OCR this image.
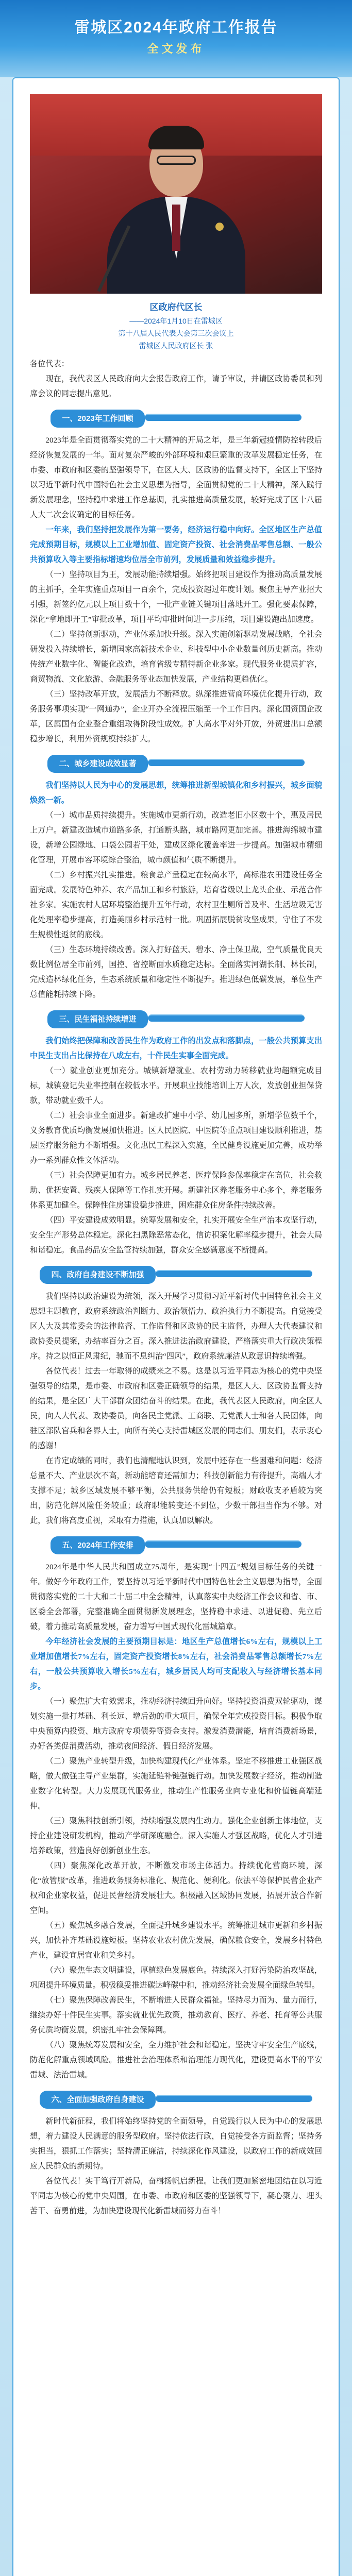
雷城区2024年政府工作报告
全文发布
区政府代区长
——2024年1月10日在雷城区
第十八届人民代表大会第三次会议上
雷城区人民政府区长 张

各位代表：

现在，我代表区人民政府向大会报告政府工作，请予审议，并请区政协委员和列席会议的同志提出意见。

一、2023年工作回顾

2023年是全面贯彻落实党的二十大精神的开局之年，是三年新冠疫情防控转段后经济恢复发展的一年。面对复杂严峻的外部环境和艰巨繁重的改革发展稳定任务，在市委、市政府和区委的坚强领导下，在区人大、区政协的监督支持下，全区上下坚持以习近平新时代中国特色社会主义思想为指导，全面贯彻党的二十大精神，深入践行新发展理念，坚持稳中求进工作总基调，扎实推进高质量发展，较好完成了区十八届人大二次会议确定的目标任务。

一年来，我们坚持把发展作为第一要务，经济运行稳中向好。全区地区生产总值完成预期目标，规模以上工业增加值、固定资产投资、社会消费品零售总额、一般公共预算收入等主要指标增速均位居全市前列，发展质量和效益稳步提升。

（一）坚持项目为王，发展动能持续增强。始终把项目建设作为推动高质量发展的主抓手，全年实施重点项目一百余个，完成投资超过年度计划。聚焦主导产业招大引强，新签约亿元以上项目数十个，一批产业链关键项目落地开工。强化要素保障，深化“拿地即开工”审批改革，项目平均审批时间进一步压缩，项目建设跑出加速度。

（二）坚持创新驱动，产业体系加快升级。深入实施创新驱动发展战略，全社会研发投入持续增长，新增国家高新技术企业、科技型中小企业数量创历史新高。推动传统产业数字化、智能化改造，培育省级专精特新企业多家。现代服务业提质扩容，商贸物流、文化旅游、金融服务等业态加快发展，产业结构更趋优化。

（三）坚持改革开放，发展活力不断释放。纵深推进营商环境优化提升行动，政务服务事项实现“一网通办”，企业开办全流程压缩至一个工作日内。深化国资国企改革，区属国有企业整合重组取得阶段性成效。扩大高水平对外开放，外贸进出口总额稳步增长，利用外资规模持续扩大。

二、城乡建设成效显著

我们坚持以人民为中心的发展思想，统筹推进新型城镇化和乡村振兴，城乡面貌焕然一新。

（一）城市品质持续提升。实施城市更新行动，改造老旧小区数十个，惠及居民上万户。新建改造城市道路多条，打通断头路，城市路网更加完善。推进海绵城市建设，新增公园绿地、口袋公园若干处，建成区绿化覆盖率进一步提高。加强城市精细化管理，开展市容环境综合整治，城市颜值和气质不断提升。

（二）乡村振兴扎实推进。粮食总产量稳定在较高水平，高标准农田建设任务全面完成。发展特色种养、农产品加工和乡村旅游，培育省级以上龙头企业、示范合作社多家。实施农村人居环境整治提升五年行动，农村卫生厕所普及率、生活垃圾无害化处理率稳步提高，打造美丽乡村示范村一批。巩固拓展脱贫攻坚成果，守住了不发生规模性返贫的底线。

（三）生态环境持续改善。深入打好蓝天、碧水、净土保卫战，空气质量优良天数比例位居全市前列，国控、省控断面水质稳定达标。全面落实河湖长制、林长制，完成造林绿化任务，生态系统质量和稳定性不断提升。推进绿色低碳发展，单位生产总值能耗持续下降。

三、民生福祉持续增进

我们始终把保障和改善民生作为政府工作的出发点和落脚点，一般公共预算支出中民生支出占比保持在八成左右，十件民生实事全面完成。

（一）就业创业更加充分。城镇新增就业、农村劳动力转移就业均超额完成目标，城镇登记失业率控制在较低水平。开展职业技能培训上万人次，发放创业担保贷款，带动就业数千人。

（二）社会事业全面进步。新建改扩建中小学、幼儿园多所，新增学位数千个，义务教育优质均衡发展加快推进。区人民医院、中医院等重点项目建设顺利推进，基层医疗服务能力不断增强。文化惠民工程深入实施，全民健身设施更加完善，成功举办一系列群众性文体活动。

（三）社会保障更加有力。城乡居民养老、医疗保险参保率稳定在高位，社会救助、优抚安置、残疾人保障等工作扎实开展。新建社区养老服务中心多个，养老服务体系更加健全。保障性住房建设稳步推进，困难群众住房条件持续改善。

（四）平安建设成效明显。统筹发展和安全，扎实开展安全生产治本攻坚行动，安全生产形势总体稳定。深化扫黑除恶常态化，信访积案化解率稳步提升，社会大局和谐稳定。食品药品安全监管持续加强，群众安全感满意度不断提高。

四、政府自身建设不断加强

我们坚持以政治建设为统领，深入开展学习贯彻习近平新时代中国特色社会主义思想主题教育，政府系统政治判断力、政治领悟力、政治执行力不断提高。自觉接受区人大及其常委会的法律监督、工作监督和区政协的民主监督，办理人大代表建议和政协委员提案，办结率百分之百。深入推进法治政府建设，严格落实重大行政决策程序。持之以恒正风肃纪，驰而不息纠治“四风”，政府系统廉洁从政意识持续增强。

各位代表！过去一年取得的成绩来之不易。这是以习近平同志为核心的党中央坚强领导的结果，是市委、市政府和区委正确领导的结果，是区人大、区政协监督支持的结果，是全区广大干部群众团结奋斗的结果。在此，我代表区人民政府，向全区人民，向人大代表、政协委员，向各民主党派、工商联、无党派人士和各人民团体，向驻区部队官兵和各界人士，向所有关心支持雷城区发展的同志们、朋友们，表示衷心的感谢！

在肯定成绩的同时，我们也清醒地认识到，发展中还存在一些困难和问题：经济总量不大、产业层次不高，新动能培育还需加力；科技创新能力有待提升，高端人才支撑不足；城乡区域发展不够平衡，公共服务供给仍有短板；财政收支矛盾较为突出，防范化解风险任务较重；政府职能转变还不到位，少数干部担当作为不够。对此，我们将高度重视，采取有力措施，认真加以解决。

五、2024年工作安排

2024年是中华人民共和国成立75周年，是实现“十四五”规划目标任务的关键一年。做好今年政府工作，要坚持以习近平新时代中国特色社会主义思想为指导，全面贯彻落实党的二十大和二十届二中全会精神，认真落实中央经济工作会议和省、市、区委全会部署，完整准确全面贯彻新发展理念，坚持稳中求进、以进促稳、先立后破，着力推动高质量发展，奋力谱写中国式现代化雷城篇章。

今年经济社会发展的主要预期目标是：地区生产总值增长6%左右，规模以上工业增加值增长7%左右，固定资产投资增长8%左右，社会消费品零售总额增长7%左右，一般公共预算收入增长5%左右，城乡居民人均可支配收入与经济增长基本同步。

（一）聚焦扩大有效需求，推动经济持续回升向好。坚持投资消费双轮驱动，谋划实施一批打基础、利长远、增后劲的重大项目，确保全年完成投资目标。积极争取中央预算内投资、地方政府专项债券等资金支持。激发消费潜能，培育消费新场景，办好各类促消费活动，推动夜间经济、假日经济发展。

（二）聚焦产业转型升级，加快构建现代化产业体系。坚定不移推进工业强区战略，做大做强主导产业集群，实施延链补链强链行动。加快发展数字经济，推动制造业数字化转型。大力发展现代服务业，推动生产性服务业向专业化和价值链高端延伸。

（三）聚焦科技创新引领，持续增强发展内生动力。强化企业创新主体地位，支持企业建设研发机构，推动产学研深度融合。深入实施人才强区战略，优化人才引进培养政策，营造良好创新创业生态。

（四）聚焦深化改革开放，不断激发市场主体活力。持续优化营商环境，深化“放管服”改革，推进政务服务标准化、规范化、便利化。依法平等保护民营企业产权和企业家权益，促进民营经济发展壮大。积极融入区域协同发展，拓展开放合作新空间。

（五）聚焦城乡融合发展，全面提升城乡建设水平。统筹推进城市更新和乡村振兴，加快补齐基础设施短板。坚持农业农村优先发展，确保粮食安全，发展乡村特色产业，建设宜居宜业和美乡村。

（六）聚焦生态文明建设，厚植绿色发展底色。持续深入打好污染防治攻坚战，巩固提升环境质量。积极稳妥推进碳达峰碳中和，推动经济社会发展全面绿色转型。

（七）聚焦保障改善民生，不断增进人民群众福祉。坚持尽力而为、量力而行，继续办好十件民生实事。落实就业优先政策，推动教育、医疗、养老、托育等公共服务优质均衡发展，织密扎牢社会保障网。

（八）聚焦统筹发展和安全，全力维护社会和谐稳定。坚决守牢安全生产底线，防范化解重点领域风险。推进社会治理体系和治理能力现代化，建设更高水平的平安雷城、法治雷城。

六、全面加强政府自身建设

新时代新征程，我们将始终坚持党的全面领导，自觉践行以人民为中心的发展思想，着力建设人民满意的服务型政府。坚持依法行政，自觉接受各方面监督；坚持务实担当，狠抓工作落实；坚持清正廉洁，持续深化作风建设，以政府工作的新成效回应人民群众的新期待。

各位代表！实干笃行开新局，奋楫扬帆启新程。让我们更加紧密地团结在以习近平同志为核心的党中央周围，在市委、市政府和区委的坚强领导下，凝心聚力、埋头苦干、奋勇前进，为加快建设现代化新雷城而努力奋斗！
